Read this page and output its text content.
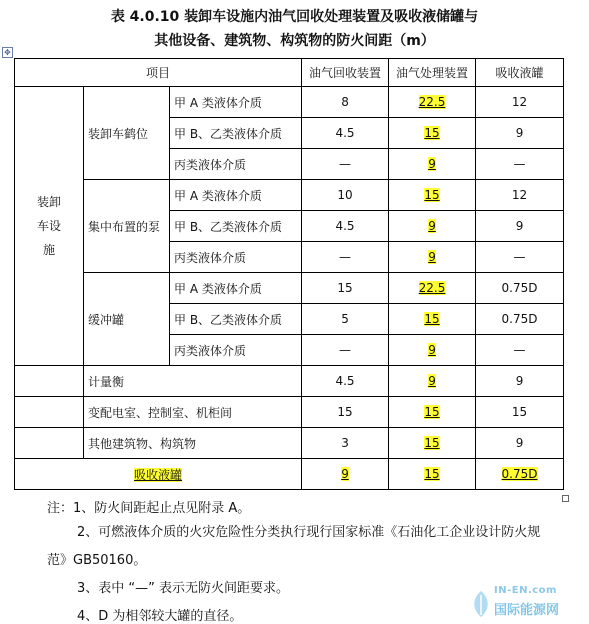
表 4.0.10 装卸车设施内油气回收处理装置及吸收液储罐与
其他设备、建筑物、构筑物的防火间距（m）
✥
项目			油气回收装置	油气处理装置	吸收液罐
装卸车设施	装卸车鹤位	甲 A 类液体介质	8	22.5	12
		甲 B、乙类液体介质	4.5	15	9
		丙类液体介质	—	9	—
	集中布置的泵	甲 A 类液体介质	10	15	12
		甲 B、乙类液体介质	4.5	9	9
		丙类液体介质	—	9	—
	缓冲罐	甲 A 类液体介质	15	22.5	0.75D
		甲 B、乙类液体介质	5	15	0.75D
		丙类液体介质	—	9	—
	计量衡		4.5	9	9
	变配电室、控制室、机柜间		15	15	15
	其他建筑物、构筑物		3	15	9
吸收液罐			9	15	0.75D
注：1、防火间距起止点见附录 A。
2、可燃液体介质的火灾危险性分类执行现行国家标准《石油化工企业设计防火规
范》GB50160。
3、表中 “—” 表示无防火间距要求。
4、D 为相邻较大罐的直径。
IN-EN.com
国际能源网
